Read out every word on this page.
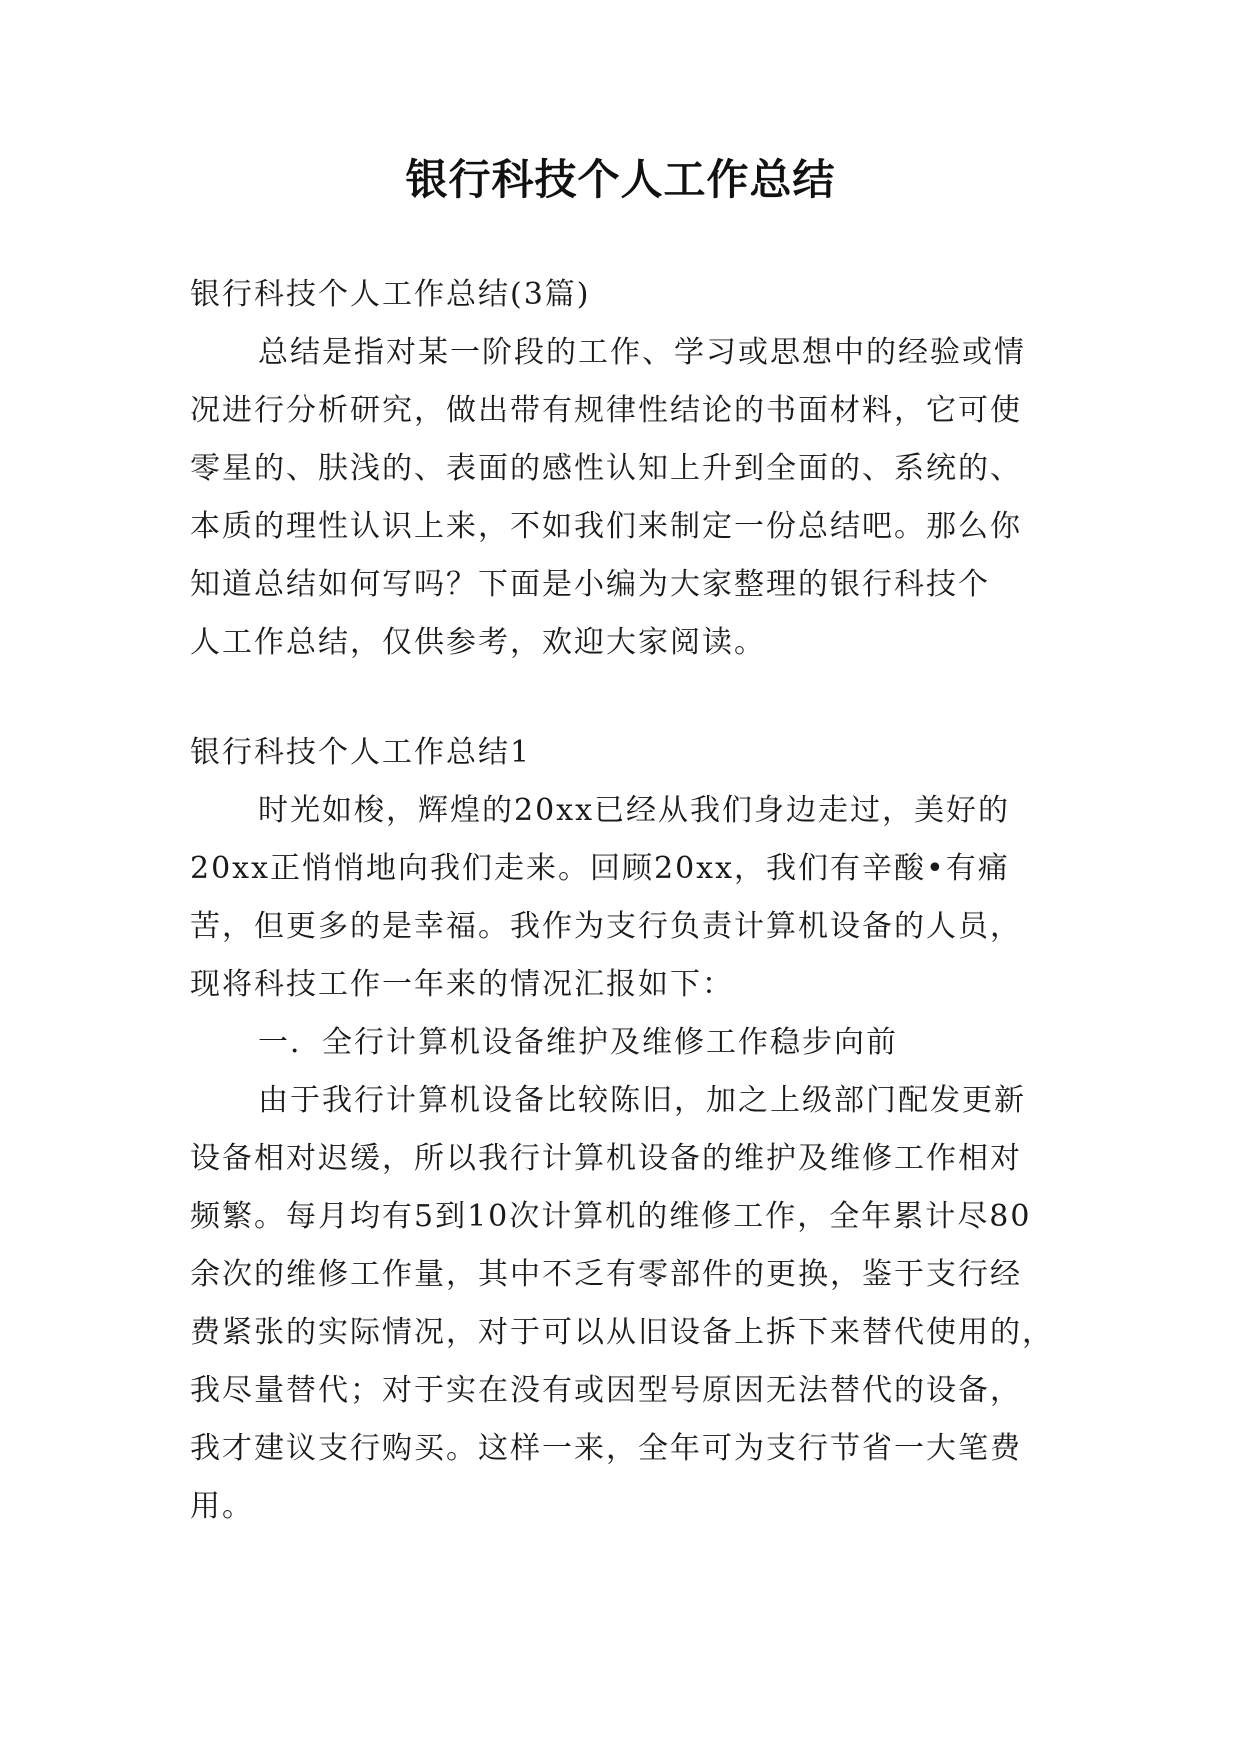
银行科技个人工作总结
银行科技个人工作总结(3篇)
总结是指对某一阶段的工作、学习或思想中的经验或情
况进行分析研究，做出带有规律性结论的书面材料，它可使
零星的、肤浅的、表面的感性认知上升到全面的、系统的、
本质的理性认识上来，不如我们来制定一份总结吧。那么你
知道总结如何写吗？下面是小编为大家整理的银行科技个
人工作总结，仅供参考，欢迎大家阅读。
银行科技个人工作总结1
时光如梭，辉煌的20xx已经从我们身边走过，美好的
20xx正悄悄地向我们走来。回顾20xx，我们有辛酸•有痛
苦，但更多的是幸福。我作为支行负责计算机设备的人员，
现将科技工作一年来的情况汇报如下：
一．全行计算机设备维护及维修工作稳步向前
由于我行计算机设备比较陈旧，加之上级部门配发更新
设备相对迟缓，所以我行计算机设备的维护及维修工作相对
频繁。每月均有5到10次计算机的维修工作，全年累计尽80
余次的维修工作量，其中不乏有零部件的更换，鉴于支行经
费紧张的实际情况，对于可以从旧设备上拆下来替代使用的，
我尽量替代；对于实在没有或因型号原因无法替代的设备，
我才建议支行购买。这样一来，全年可为支行节省一大笔费
用。
